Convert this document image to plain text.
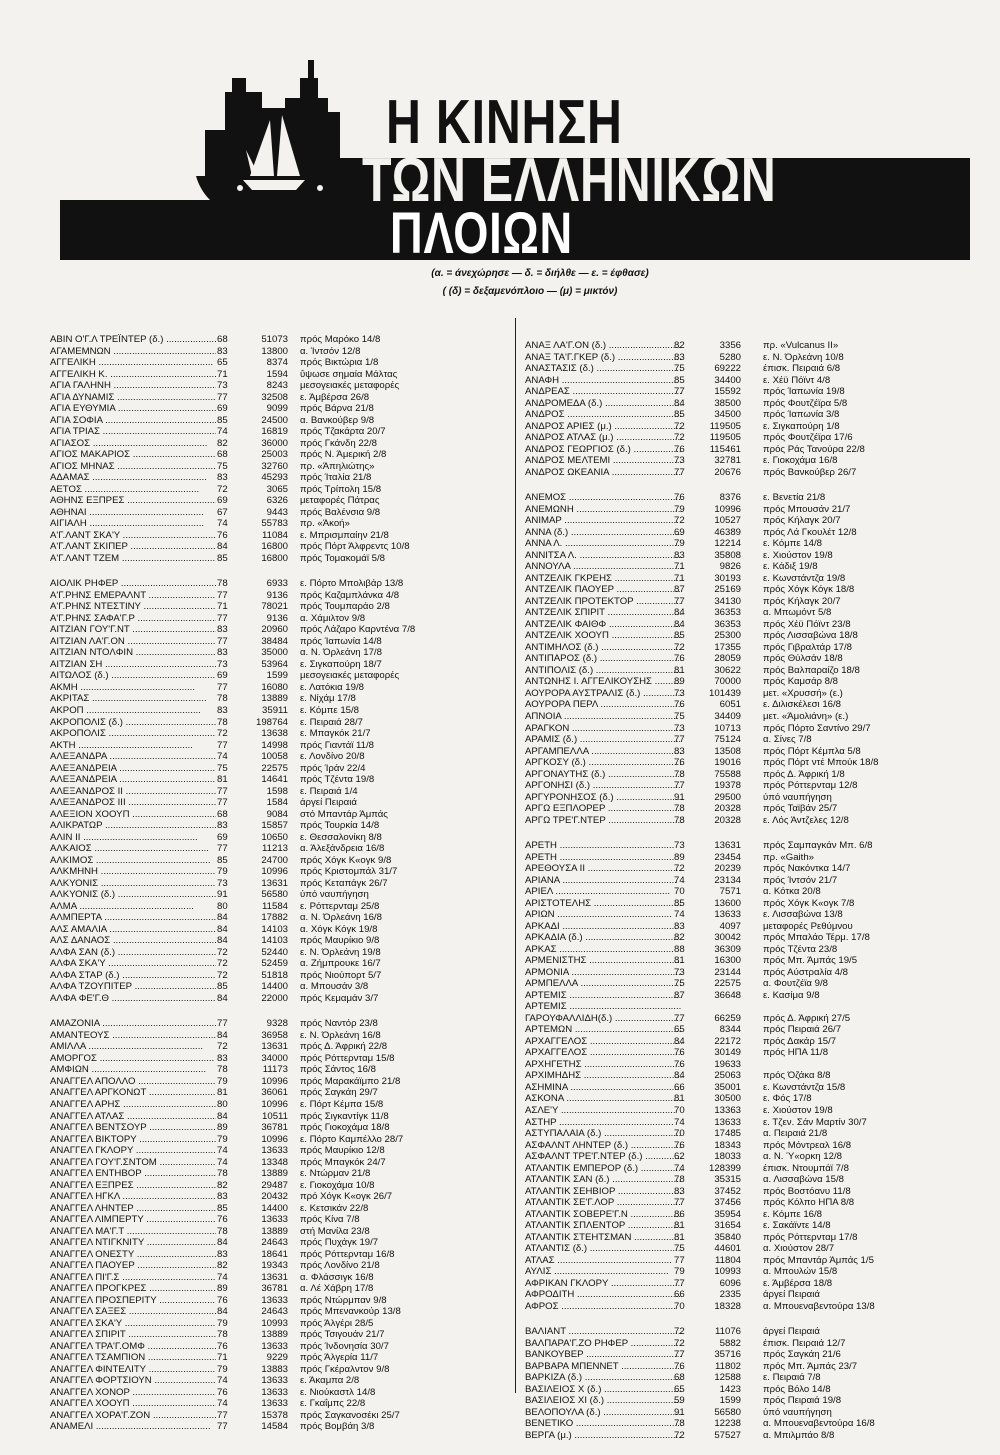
Η ΚΙΝΗΣΗ
ΤΩΝ ΕΛΛΗΝΙΚΩΝ
ΠΛΟΙΩΝ
(α. = άνεχώρησε — δ. = διήλθε — ε. = έφθασε)
( (δ) = δεξαμενόπλοιο — (μ) = μικτόν)
ΑΒΙΝ Ο'Γ.Λ ΤΡΕΪΝΤΕΡ (δ.) .....	68	51073 πρός Μαρόκο 14/8
ΑΓΑΜΕΜΝΩΝ .....	83	13800 α. Ίντσόν 12/8
ΑΓΓΕΛΙΚΗ .....	65	8374 πρός Βικτώρια 1/8
ΑΓΓΕΛΙΚΗ Κ. .....	71	1594 ΰψωσε σημαία Μάλτας
ΑΓΙΑ ΓΑΛΗΝΗ .....	73	8243 μεσογειακές μεταφορές
ΑΓΙΑ ΔΥΝΑΜΙΣ .....	77	32508 ε. Άμβέρσα 26/8
ΑΓΙΑ ΕΥΘΥΜΙΑ .....	69	9099 πρός Βάρνα 21/8
ΑΓΙΑ ΣΟΦΙΑ .....	85	24500 α. Βανκούβερ 9/8
ΑΓΙΑ ΤΡΙΑΣ .....	74	16819 πρός Τζακάρτα 20/7
ΑΓΙΑΣΟΣ .....	82	36000 πρός Γκάνδη 22/8
ΑΓΙΟΣ ΜΑΚΑΡΙΟΣ .....	68	25003 πρός Ν. Άμερική 2/8
ΑΓΙΟΣ ΜΗΝΑΣ .....	75	32760 πρ. «Άπηλιώτης»
ΑΔΑΜΑΣ .....	83	45293 πρός Ίταλία 21/8
ΑΕΤΟΣ .....	72	3065 πρός Τρίπολη 15/8
ΑΘΗΝΣ ΕΞΠΡΕΣ .....	69	6326 μεταφορές Πάτρας
ΑΘΗΝΑΙ .....	67	9443 πρός Βαλένσια 9/8
ΑΙΓΙΑΛΗ .....	74	55783 πρ. «Άκοή»
Α'Γ.ΛΑΝΤ ΣΚΑ'Υ .....	76	11084 ε. Μπρισμπαίην 21/8
Α'Γ.ΛΑΝΤ ΣΚΙΠΕΡ .....	84	16800 πρός Πόρτ Άλφρεντς 10/8
Α'Γ.ΛΑΝΤ ΤΖΕΜ .....	85	16800 πρός Τομακομάϊ 5/8
ΑΙΟΛΙΚ ΡΗΦΕΡ .....	78	6933 ε. Πόρτο Μπολιβάρ 13/8
Α'Γ.ΡΗΝΣ ΕΜΕΡΑΛΝΤ .....	77	9136 πρός Καζαμπλάνκα 4/8
Α'Γ.ΡΗΝΣ ΝΤΕΣΤΙΝΥ .....	71	78021 πρός Τουμπαράο 2/8
Α'Γ.ΡΗΝΣ ΣΑΦΑ'Γ.Ρ .....	77	9136 α. Χάμιλτον 9/8
ΑΙΤΖΙΑΝ ΓΟΥ'Γ.ΝΤ .....	83	20960 πρός Λάζαρο Καρντένα 7/8
ΑΙΤΖΙΑΝ ΛΑ'Γ.ΟΝ .....	77	38484 πρός Ίαπωνία 14/8
ΑΙΤΖΙΑΝ ΝΤΟΛΦΙΝ .....	83	35000 α. Ν. Όρλεάνη 17/8
ΑΙΤΖΙΑΝ ΣΗ .....	73	53964 ε. Σιγκαπούρη 18/7
ΑΙΤΩΛΟΣ (δ.) .....	69	1599 μεσογειακές μεταφορές
ΑΚΜΗ .....	77	16080 ε. Λατόκια 19/8
ΑΚΡΙΤΑΣ .....	78	13889 ε. Νίχάμ 17/8
ΑΚΡΟΠ .....	83	35911 ε. Κόμπε 15/8
ΑΚΡΟΠΟΛΙΣ (δ.) .....	78	198764 ε. Πειραιά 28/7
ΑΚΡΟΠΟΛΙΣ .....	72	13638 ε. Μπαγκόκ 21/7
ΑΚΤΗ .....	77	14998 πρός Γιαντάϊ 11/8
ΑΛΕΞΑΝΔΡΑ .....	74	10058 ε. Λονδίνο 20/8
ΑΛΕΞΑΝΔΡΕΙΑ .....	75	22575 πρός Ίράν 22/4
ΑΛΕΞΑΝΔΡΕΙΑ .....	81	14641 πρός Τζέντα 19/8
ΑΛΕΞΑΝΔΡΟΣ ΙΙ .....	77	1598 ε. Πειραιά 1/4
ΑΛΕΞΑΝΔΡΟΣ ΙΙΙ .....	77	1584 άργεί Πειραιά
ΑΛΕΞΙΟΝ ΧΟΟΥΠ .....	68	9084 στό Μπαντάρ Άμπάς
ΑΛΙΚΡΑΤΩΡ .....	83	15857 πρός Τουρκία 14/8
ΑΛΙΝ ΙΙ .....	69	10650 ε. Θεσσαλονίκη 8/8
ΑΛΚΑΙΟΣ .....	77	11213 α. Άλεξάνδρεια 16/8
ΑΛΚΙΜΟΣ .....	85	24700 πρός Χόγκ Κ«ογκ 9/8
ΑΛΚΜΗΝΗ .....	79	10996 πρός Κριστομπάλ 31/7
ΑΛΚΥΟΝΙΣ .....	73	13631 πρός Κεταπάγκ 26/7
ΑΛΚΥΟΝΙΣ (δ.) .....	91	56580 ύπό ναυπήγηση
ΑΛΜΑ .....	80	11584 ε. Ρόττερνταμ 25/8
ΑΛΜΠΕΡΤΑ .....	84	17882 α. Ν. Όρλεάνη 16/8
ΑΛΣ ΑΜΑΛΙΑ .....	84	14103 α. Χόγκ Κόγκ 19/8
ΑΛΣ ΔΑΝΑΟΣ .....	84	14103 πρός Μαυρίκιο 9/8
ΑΛΦΑ ΣΑΝ (δ.) .....	72	52440 ε. Ν. Όρλεάνη 19/8
ΑΛΦΑ ΣΚΑ'Υ .....	72	52459 α. Ζήμπρουκε 16/7
ΑΛΦΑ ΣΤΑΡ (δ.) .....	72	51818 πρός Νιούπορτ 5/7
ΑΛΦΑ ΤΖΟΥΠΙΤΕΡ .....	85	14400 α. Μπουσάν 3/8
ΑΛΦΑ ΦΕ'Γ.Θ .....	84	22000 πρός Κεμαμάν 3/7
ΑΜΑΖΟΝΙΑ .....	77	9328 πρός Ναντόρ 23/8
ΑΜΑΝΤΕΟΥΣ .....	84	36958 ε. Ν. Όρλεάνη 16/8
ΑΜΙΛΛΑ .....	72	13631 πρός Δ. Άφρική 22/8
ΑΜΟΡΓΟΣ .....	83	34000 πρός Ρόττερνταμ 15/8
ΑΜΦΙΩΝ .....	78	11173 πρός Σάντος 16/8
ΑΝΑΓΓΕΛ ΑΠΟΛΛΟ .....	79	10996 πρός Μαρακάϊμπο 21/8
ΑΝΑΓΓΕΛ ΑΡΓΚΟΝΩΤ .....	81	36061 πρός Σαγκάη 29/7
ΑΝΑΓΓΕΛ ΑΡΗΣ .....	80	10996 ε. Πόρτ Κέμπα 15/8
ΑΝΑΓΓΕΛ ΑΤΛΑΣ .....	84	10511 πρός Σιγκαντίγκ 11/8
ΑΝΑΓΓΕΛ ΒΕΝΤΣΟΥΡ .....	89	36781 πρός Γιοκοχάμα 18/8
ΑΝΑΓΓΕΛ ΒΙΚΤΟΡΥ .....	79	10996 ε. Πόρτο Καμπέλλο 28/7
ΑΝΑΓΓΕΛ ΓΚΛΟΡΥ .....	74	13633 πρός Μαυρίκιο 12/8
ΑΝΑΓΓΕΛ ΓΟΥ'Γ.ΣΝΤΟΜ .....	74	13348 πρός Μπαγκόκ 24/7
ΑΝΑΓΓΕΛ ΕΝΤΗΒΟΡ .....	78	13889 ε. Ντώρμαν 21/8
ΑΝΑΓΓΕΛ ΕΞΠΡΕΣ .....	82	29487 ε. Γιοκοχάμα 10/8
ΑΝΑΓΓΕΛ ΗΓΚΛ .....	83	20432 πρό Χόγκ Κ«ογκ 26/7
ΑΝΑΓΓΕΛ ΛΗΝΤΕΡ .....	85	14400 ε. Κετσικάν 22/8
ΑΝΑΓΓΕΛ ΛΙΜΠΕΡΤΥ .....	76	13633 πρός Κίνα 7/8
ΑΝΑΓΓΕΛ ΜΑ'Γ.Τ .....	78	13889 στή Μανίλα 23/8
ΑΝΑΓΓΕΛ ΝΤΙΓΚΝΙΤΥ .....	84	24643 πρός Πυχάγκ 19/7
ΑΝΑΓΓΕΛ ΟΝΕΣΤΥ .....	83	18641 πρός Ρόττερνταμ 16/8
ΑΝΑΓΓΕΛ ΠΑΟΥΕΡ .....	82	19343 πρός Λονδίνο 21/8
ΑΝΑΓΓΕΛ ΠΙ'Γ.Σ .....	74	13631 α. Φλάσσιγκ 16/8
ΑΝΑΓΓΕΛ ΠΡΟΓΚΡΕΣ .....	89	36781 α. Λέ Χάβρη 17/8
ΑΝΑΓΓΕΛ ΠΡΟΣΠΕΡΙΤΥ .....	76	13633 πρός Ντώρμπαν 9/8
ΑΝΑΓΓΕΛ ΣΑΞΕΣ .....	84	24643 πρός Μπενανκούρ 13/8
ΑΝΑΓΓΕΛ ΣΚΑ'Υ .....	79	10993 πρός Άλγέρι 28/5
ΑΝΑΓΓΕΛ ΣΠΙΡΙΤ .....	78	13889 πρός Τσιγουάν 21/7
ΑΝΑΓΓΕΛ ΤΡΑ'Γ.ΟΜΦ .....	76	13633 πρός Ίνδονησία 30/7
ΑΝΑΓΓΕΛ ΤΣΑΜΠΙΟΝ .....	71	9229 πρός Άλγερία 11/7
ΑΝΑΓΓΕΛ ΦΙΝΤΕΛΙΤΥ .....	79	13883 πρός Γκέραλντον 9/8
ΑΝΑΓΓΕΛ ΦΟΡΤΣΙΟΥΝ .....	74	13633 ε. Άκαμπα 2/8
ΑΝΑΓΓΕΛ ΧΟΝΟΡ .....	76	13633 ε. Νιούκαστλ 14/8
ΑΝΑΓΓΕΛ ΧΟΟΥΠ .....	74	13633 ε. Γκαΐμπς 22/8
ΑΝΑΓΓΕΛ ΧΟΡΑ'Γ.ΖΟΝ .....	77	15378 πρός Σαγκανοσέκι 25/7
ΑΝΑΜΕΛΙ .....	77	14584 πρός Βομβάη 3/8
ΑΝΑΞ ΛΑ'Γ.ΟΝ (δ.) .....	82	3356 πρ. «Vulcanus II»
ΑΝΑΞ ΤΑ'Γ.ΓΚΕΡ (δ.) .....	83	5280 ε. Ν. Όρλεάνη 10/8
ΑΝΑΣΤΑΣΙΣ (δ.) .....	75	69222 έπισκ. Πειραιά 6/8
ΑΝΑΦΗ .....	85	34400 ε. Χέϋ Πόϊντ 4/8
ΑΝΔΡΕΑΣ .....	77	15592 πρός Ίαπωνία 19/8
ΑΝΔΡΟΜΕΔΑ (δ.) .....	84	38500 πρός Φουτζέϊρα 5/8
ΑΝΔΡΟΣ .....	85	34500 πρός Ίαπωνία 3/8
ΑΝΔΡΟΣ ΑΡΙΕΣ (μ.) .....	72	119505 ε. Σιγκαπούρη 1/8
ΑΝΔΡΟΣ ΑΤΛΑΣ (μ.) .....	72	119505 πρός Φουτζέϊρα 17/6
ΑΝΔΡΟΣ ΓΕΩΡΓΙΟΣ (δ.) .....	76	115461 πρός Ράς Τανούρα 22/8
ΑΝΔΡΟΣ ΜΕΛΤΕΜΙ .....	73	32781 ε. Γιοκοχάμα 16/8
ΑΝΔΡΟΣ ΩΚΕΑΝΙΑ .....	77	20676 πρός Βανκούβερ 26/7
ΑΝΕΜΟΣ .....	76	8376 ε. Βενετία 21/8
ΑΝΕΜΩΝΗ .....	79	10996 πρός Μπουσάν 21/7
ΑΝΙΜΑΡ .....	72	10527 πρός Κήλαγκ 20/7
ΑΝΝΑ (δ.) .....	69	46389 πρός Λά Γκουλέτ 12/8
ΑΝΝΑ Λ. .....	79	12214 ε. Κόμπε 14/8
ΑΝΝΙΤΣΑ Λ. .....	83	35808 ε. Χιούστον 19/8
ΑΝΝΟΥΛΑ .....	71	9826 ε. Κάδιξ 19/8
ΑΝΤΖΕΛΙΚ ΓΚΡΕΗΣ .....	71	30193 ε. Κωνστάντζα 19/8
ΑΝΤΖΕΛΙΚ ΠΑΟΥΕΡ .....	87	25169 πρός Χόγκ Κόγκ 18/8
ΑΝΤΖΕΛΙΚ ΠΡΟΤΕΚΤΟΡ .....	77	34130 πρός Κήλαγκ 20/7
ΑΝΤΖΕΛΙΚ ΣΠΙΡΙΤ .....	84	36353 α. Μπωμόντ 5/8
ΑΝΤΖΕΛΙΚ ΦΑΙΘΦ .....	84	36353 πρός Χέϋ Πόϊντ 23/8
ΑΝΤΖΕΛΙΚ ΧΟΟΥΠ .....	85	25300 πρός Λισσαβώνα 18/8
ΑΝΤΙΜΗΛΟΣ (δ.) .....	72	17355 πρός Γιβραλτάρ 17/8
ΑΝΤΙΠΑΡΟΣ (δ.) .....	76	28059 πρός Θύλσάν 18/8
ΑΝΤΙΠΟΛΙΣ (δ.) .....	81	30622 πρός Βαλπαραίζο 18/8
ΑΝΤΩΝΗΣ Ι. ΑΓΓΕΛΙΚΟΥΣΗΣ .....	89	70000 πρός Καμσάρ 8/8
ΑΟΥΡΟΡΑ ΑΥΣΤΡΑΛΙΣ (δ.) .....	73	101439 μετ. «Χρυσσή» (ε.)
ΑΟΥΡΟΡΑ ΠΕΡΛ .....	76	6051 ε. Διλισκέλεσι 16/8
ΑΠΝΟΙΑ .....	75	34409 μετ. «Άμολιάνη» (ε.)
ΑΡΑΓΚΟΝ .....	73	10713 πρός Πόρτο Σαντίνο 29/7
ΑΡΑΜΙΣ (δ.) .....	77	75124 α. Σίνες 7/8
ΑΡΓΑΜΠΕΛΛΑ .....	83	13508 πρός Πόρτ Κέμπλα 5/8
ΑΡΓΚΟΣΥ (δ.) .....	76	19016 πρός Πόρτ ντέ Μπούκ 18/8
ΑΡΓΟΝΑΥΤΗΣ (δ.) .....	78	75588 πρός Δ. Άφρική 1/8
ΑΡΓΟΝΗΣΙ (δ.) .....	77	19378 πρός Ρόττερνταμ 12/8
ΑΡΓΥΡΟΝΗΣΟΣ (δ.) .....	91	29500 ύπό ναυπήγηση
ΑΡΓΩ ΕΞΠΛΟΡΕΡ .....	78	20328 πρός Ταϊβάν 25/7
ΑΡΓΩ ΤΡΕ'Γ.ΝΤΕΡ .....	78	20328 ε. Λός Άντζελες 12/8
ΑΡΕΤΗ .....	73	13631 πρός Σαμπαγκάν Μπ. 6/8
ΑΡΕΤΗ .....	89	23454 πρ. «Gaith»
ΑΡΕΘΟΥΣΑ ΙΙ .....	72	20239 πρός Νακόντκα 14/7
ΑΡΙΑΝΑ .....	74	23134 πρός Ίντσόν 21/7
ΑΡΙΕΛ .....	70	7571 α. Κότκα 20/8
ΑΡΙΣΤΟΤΕΛΗΣ .....	85	13600 πρός Χόγκ Κ«ογκ 7/8
ΑΡΙΩΝ .....	74	13633 ε. Λισσαβώνα 13/8
ΑΡΚΑΔΙ .....	83	4097 μεταφορές Ρεθύμνου
ΑΡΚΑΔΙΑ (δ.) .....	82	30042 πρός Μπαλάο Τέρμ. 17/8
ΑΡΚΑΣ .....	88	36309 πρός Τζέντα 23/8
ΑΡΜΕΝΙΣΤΗΣ .....	81	16300 πρός Μπ. Άμπάς 19/5
ΑΡΜΟΝΙΑ .....	73	23144 πρός Αύστραλία 4/8
ΑΡΜΠΕΛΛΑ .....	75	22575 α. Φουτζέϊα 9/8
ΑΡΤΕΜΙΣ .....	87	36648 ε. Κασίμα 9/8
ΑΡΤΕΜΙΣ .....
ΓΑΡΟΥΦΑΛΛΙΔΗ(δ.) .....	77	66259 πρός Δ. Άφρική 27/5
ΑΡΤΕΜΩΝ .....	65	8344 πρός Πειραιά 26/7
ΑΡΧΑΓΓΕΛΟΣ .....	84	22172 πρός Δακάρ 15/7
ΑΡΧΑΓΓΕΛΟΣ .....	76	30149 πρός ΗΠΑ 11/8
ΑΡΧΗΓΕΤΗΣ .....	76	19633
ΑΡΧΙΜΗΔΗΣ .....	84	25063 πρός Όζάκα 8/8
ΑΣΗΜΙΝΑ .....	66	35001 ε. Κωνστάντζα 15/8
ΑΣΚΟΝΑ .....	81	30500 ε. Φός 17/8
ΑΣΛΕ'Υ .....	70	13363 ε. Χιούστον 19/8
ΑΣΤΗΡ .....	74	13633 ε. Τζεν. Σάν Μαρτίν 30/7
ΑΣΤΥΠΑΛΑΙΑ (δ.) .....	70	17485 α. Πειραιά 21/8
ΑΣΦΑΛΝΤ ΛΗΝΤΕΡ (δ.) .....	76	18343 πρός Μόντρεαλ 16/8
ΑΣΦΑΛΝΤ ΤΡΕ'Γ.ΝΤΕΡ (δ.) .....	62	18033 α. Ν. Ύ«ορκη 12/8
ΑΤΛΑΝΤΙΚ ΕΜΠΕΡΟΡ (δ.) .....	74	128399 έπισκ. Ντουμπάϊ 7/8
ΑΤΛΑΝΤΙΚ ΣΑΝ (δ.) .....	78	35315 α. Λισσαβώνα 15/8
ΑΤΛΑΝΤΙΚ ΣΕΗΒΙΟΡ .....	83	37452 πρός Βοστόανυ 11/8
ΑΤΛΑΝΤΙΚ ΣΕ'Γ.ΛΟΡ .....	77	37456 πρός Κόλπο ΗΠΑ 8/8
ΑΤΛΑΝΤΙΚ ΣΟΒΕΡΕ'Γ.Ν .....	86	35954 ε. Κόμπε 16/8
ΑΤΛΑΝΤΙΚ ΣΠΛΕΝΤΟΡ .....	81	31654 ε. Σακάϊντε 14/8
ΑΤΛΑΝΤΙΚ ΣΤΕΗΤΣΜΑΝ .....	81	35840 πρός Ρόττερνταμ 17/8
ΑΤΛΑΝΤΙΣ (δ.) .....	75	44601 α. Χιούστον 28/7
ΑΤΛΑΣ .....	77	11804 πρός Μπαντάρ Άμπάς 1/5
ΑΥΛΙΣ .....	79	10993 α. Μπουλών 15/8
ΑΦΡΙΚΑΝ ΓΚΛΟΡΥ .....	77	6096 ε. Άμβέρσα 18/8
ΑΦΡΟΔΙΤΗ .....	66	2335 άργεί Πειραιά
ΑΦΡΟΣ .....	70	18328 α. Μπουεναβεντούρα 13/8
ΒΑΛΙΑΝΤ .....	72	11076 άργεί Πειραιά
ΒΑΛΠΑΡΑ'Γ.ΖΟ ΡΗΦΕΡ .....	72	5882 έπισκ. Πειραιά 12/7
ΒΑΝΚΟΥΒΕΡ .....	77	35716 πρός Σαγκάη 21/6
ΒΑΡΒΑΡΑ ΜΠΕΝΝΕΤ .....	76	11802 πρός Μπ. Άμπάς 23/7
ΒΑΡΚΙΖΑ (δ.) .....	68	12588 ε. Πειραιά 7/8
ΒΑΣΙΛΕΙΟΣ Χ (δ.) .....	65	1423 πρός Βόλο 14/8
ΒΑΣΙΛΕΙΟΣ ΧΙ (δ.) .....	59	1599 πρός Πειραιά 19/8
ΒΕΛΟΠΟΥΛΑ (δ.) .....	91	56580 ύπό ναυπήγηση
ΒΕΝΕΤΙΚΟ .....	78	12238 α. Μπουεναβεντούρα 16/8
ΒΕΡΓΑ (μ.) .....	72	57527 α. Μπιλμπάο 8/8
